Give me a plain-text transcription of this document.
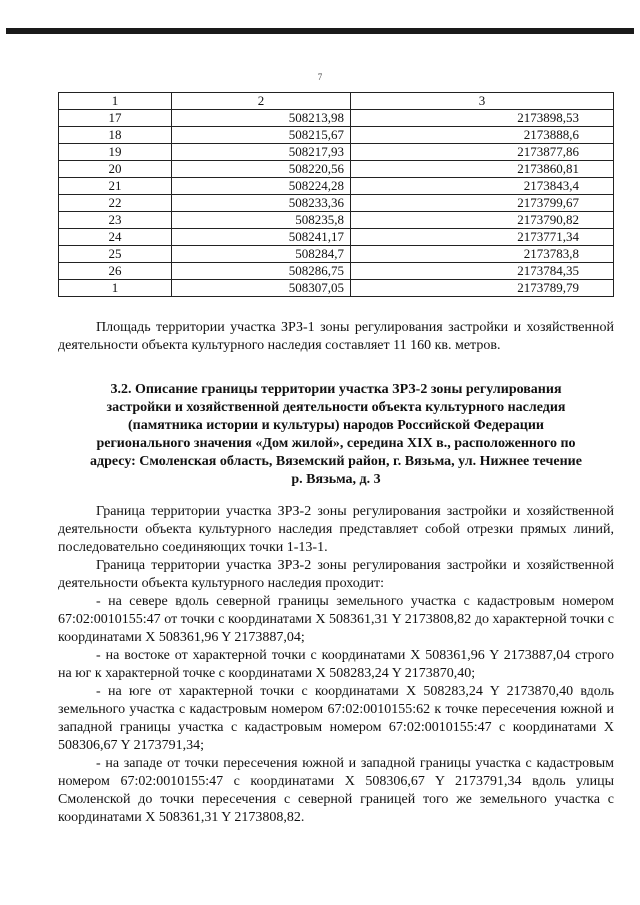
7
1	2	3
17	508213,98	2173898,53
18	508215,67	2173888,6
19	508217,93	2173877,86
20	508220,56	2173860,81
21	508224,28	2173843,4
22	508233,36	2173799,67
23	508235,8	2173790,82
24	508241,17	2173771,34
25	508284,7	2173783,8
26	508286,75	2173784,35
1	508307,05	2173789,79

Площадь территории участка ЗРЗ-1 зоны регулирования застройки и хозяйственной деятельности объекта культурного наследия составляет 11 160 кв. метров.

3.2. Описание границы территории участка ЗРЗ-2 зоны регулирования
застройки и хозяйственной деятельности объекта культурного наследия
(памятника истории и культуры) народов Российской Федерации
регионального значения «Дом жилой», середина XIX в., расположенного по
адресу: Смоленская область, Вяземский район, г. Вязьма, ул. Нижнее течение
р. Вязьма, д. 3

Граница территории участка ЗРЗ-2 зоны регулирования застройки и хозяйственной деятельности объекта культурного наследия представляет собой отрезки прямых линий, последовательно соединяющих точки 1-13-1.

Граница территории участка ЗРЗ-2 зоны регулирования застройки и хозяйственной деятельности объекта культурного наследия проходит:

- на севере вдоль северной границы земельного участка с кадастровым номером 67:02:0010155:47 от точки с координатами X 508361,31 Y 2173808,82 до характерной точки с координатами X 508361,96 Y 2173887,04;

- на востоке от характерной точки с координатами X 508361,96 Y 2173887,04 строго на юг к характерной точке с координатами X 508283,24 Y 2173870,40;

- на юге от характерной точки с координатами X 508283,24 Y 2173870,40 вдоль земельного участка с кадастровым номером 67:02:0010155:62 к точке пересечения южной и западной границы участка с кадастровым номером 67:02:0010155:47 с координатами X 508306,67 Y 2173791,34;

- на западе от точки пересечения южной и западной границы участка с кадастровым номером 67:02:0010155:47 с координатами X 508306,67 Y 2173791,34 вдоль улицы Смоленской до точки пересечения с северной границей того же земельного участка с координатами X 508361,31 Y 2173808,82.
